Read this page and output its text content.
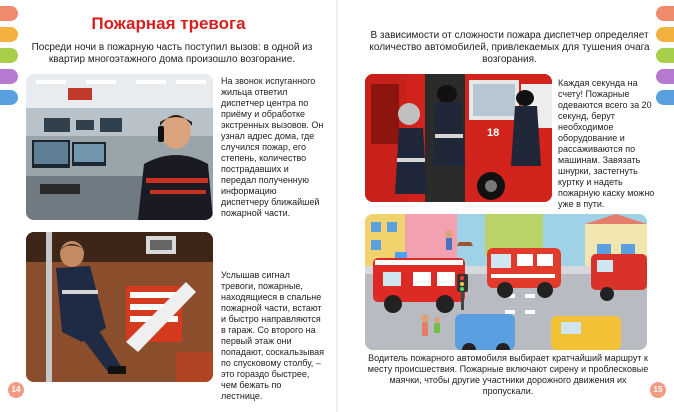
Пожарная тревога
Посреди ночи в пожарную часть поступил вызов: в одной из квартир многоэтажного дома произошло возгорание.
На звонок испуганного жильца ответил диспетчер центра по приёму и обработке экстренных вызовов. Он узнал адрес дома, где случился пожар, его степень, количество пострадавших и передал полученную информацию диспетчеру ближайшей пожарной части.
Услышав сигнал тревоги, пожарные, находящиеся в спальне пожарной части, встают и быстро направляются в гараж. Со второго на первый этаж они попадают, соскальзывая по спусковому столбу, – это гораздо быстрее, чем бежать по лестнице.
14
В зависимости от сложности пожара диспетчер определяет количество автомобилей, привлекаемых для тушения очага возгорания.
18
Каждая секунда на счету! Пожарные одеваются всего за 20 секунд, берут необходимое оборудование и рассаживаются по машинам. Завязать шнурки, застегнуть куртку и надеть пожарную каску можно уже в пути.
Водитель пожарного автомобиля выбирает кратчайший маршрут к месту происшествия. Пожарные включают сирену и проблесковые маячки, чтобы другие участники дорожного движения их пропускали.	15
